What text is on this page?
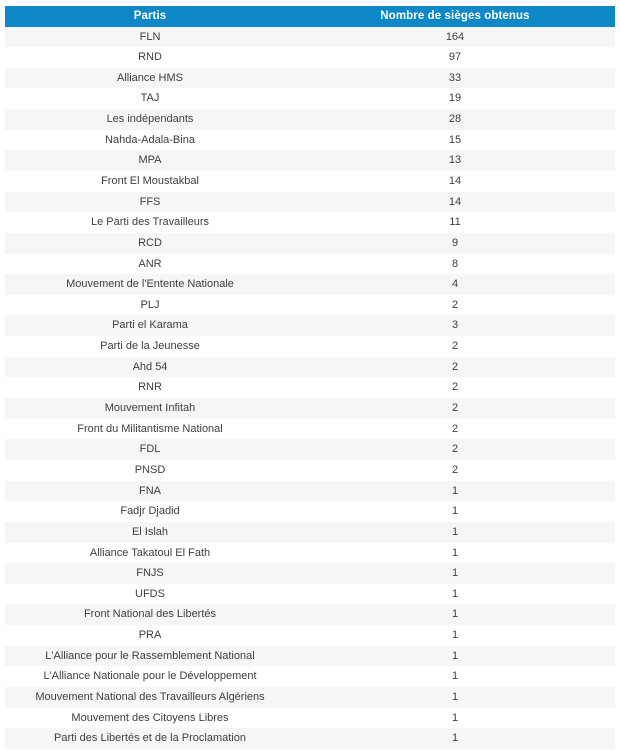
Partis	Nombre de sièges obtenus
FLN	164
RND	97
Alliance HMS	33
TAJ	19
Les indépendants	28
Nahda-Adala-Bina	15
MPA	13
Front El Moustakbal	14
FFS	14
Le Parti des Travailleurs	11
RCD	9
ANR	8
Mouvement de l'Entente Nationale	4
PLJ	2
Parti el Karama	3
Parti de la Jeunesse	2
Ahd 54	2
RNR	2
Mouvement Infitah	2
Front du Militantisme National	2
FDL	2
PNSD	2
FNA	1
Fadjr Djadid	1
El Islah	1
Alliance Takatoul El Fath	1
FNJS	1
UFDS	1
Front National des Libertés	1
PRA	1
L'Alliance pour le Rassemblement National	1
L'Alliance Nationale pour le Développement	1
Mouvement National des Travailleurs Algériens	1
Mouvement des Citoyens Libres	1
Parti des Libertés et de la Proclamation	1
